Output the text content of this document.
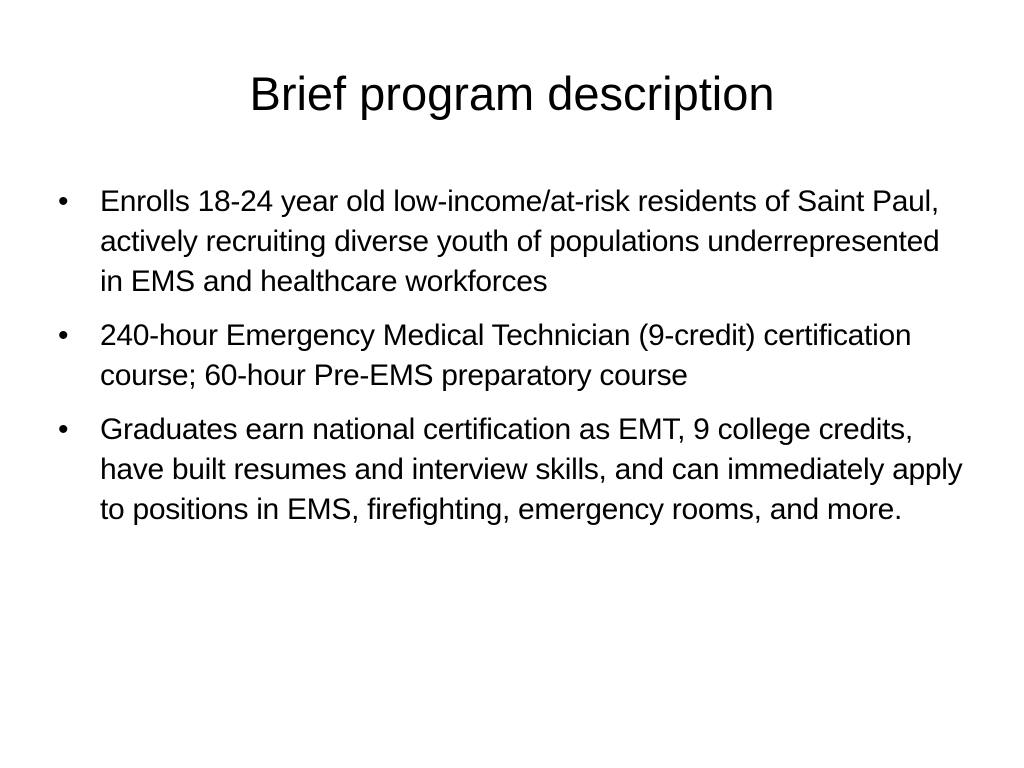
Brief program description
• Enrolls 18-24 year old low-income/at-risk residents of Saint Paul, actively recruiting diverse youth of populations underrepresented in EMS and healthcare workforces
• 240-hour Emergency Medical Technician (9-credit) certification course; 60-hour Pre-EMS preparatory course
• Graduates earn national certification as EMT, 9 college credits, have built resumes and interview skills, and can immediately apply to positions in EMS, firefighting, emergency rooms, and more.
